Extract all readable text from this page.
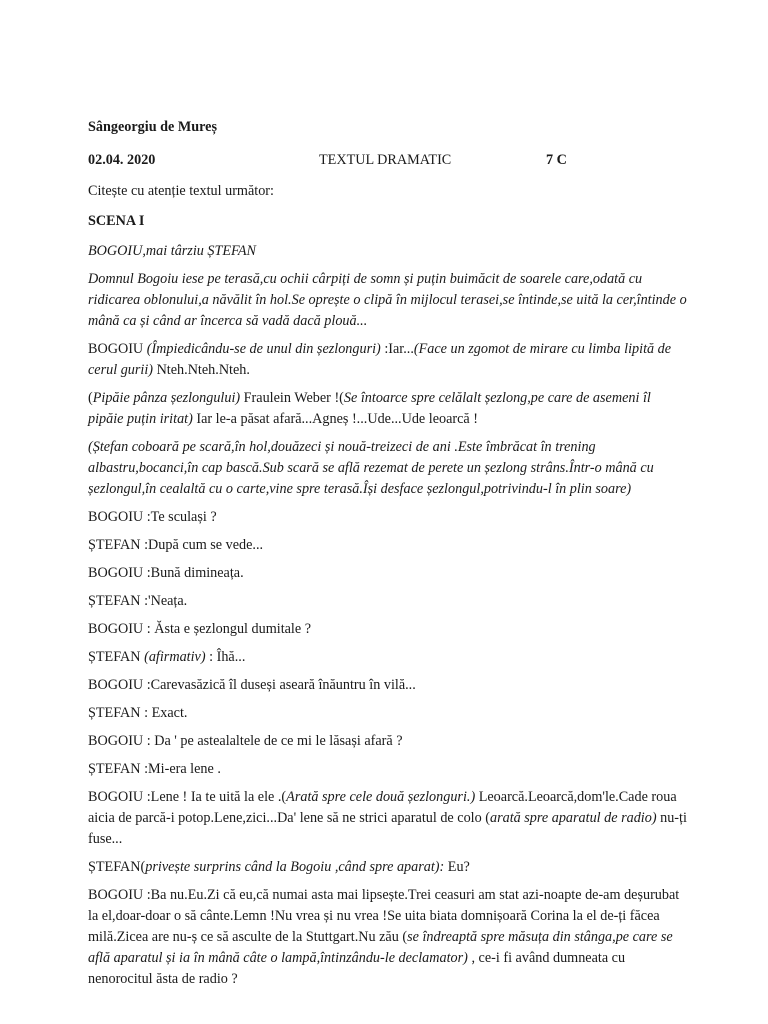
Sângeorgiu de Mureș
02.04. 2020	TEXTUL DRAMATIC	7 C
Citește cu atenție textul următor:
SCENA I
BOGOIU,mai târziu ȘTEFAN
Domnul Bogoiu iese pe terasă,cu ochii cârpiți de somn și puțin buimăcit de soarele care,odată cu ridicarea oblonului,a năvălit în hol.Se oprește o clipă în mijlocul terasei,se întinde,se uită la cer,întinde o mână ca și când ar încerca să vadă dacă plouă...
BOGOIU (Împiedicându-se de unul din șezlonguri) :Iar...(Face un zgomot de mirare cu limba lipită de cerul gurii) Nteh.Nteh.Nteh.
(Pipăie pânza șezlongului) Fraulein Weber !(Se întoarce spre celălalt șezlong,pe care de asemeni îl pipăie puțin iritat) Iar le-a păsat afară...Agneș !...Ude...Ude leoarcă !
(Ștefan coboară pe scară,în hol,douăzeci și nouă-treizeci de ani .Este îmbrăcat în trening albastru,bocanci,în cap bască.Sub scară se află rezemat de perete un șezlong strâns.Într-o mână cu șezlongul,în cealaltă cu o carte,vine spre terasă.Își desface șezlongul,potrivindu-l în plin soare)
BOGOIU :Te sculași ?
ȘTEFAN :După cum se vede...
BOGOIU :Bună dimineața.
ȘTEFAN :'Neața.
BOGOIU : Ăsta e șezlongul dumitale ?
ȘTEFAN (afirmativ) : Îhă...
BOGOIU :Carevasăzică îl duseși aseară înăuntru în vilă...
ȘTEFAN : Exact.
BOGOIU : Da ' pe astealaltele de ce mi le lăsași afară ?
ȘTEFAN :Mi-era lene .
BOGOIU :Lene ! Ia te uită la ele .(Arată spre cele două șezlonguri.) Leoarcă.Leoarcă,dom'le.Cade roua aicia de parcă-i potop.Lene,zici...Da' lene să ne strici aparatul de colo (arată spre aparatul de radio) nu-ți fuse...
ȘTEFAN(privește surprins când la Bogoiu ,când spre aparat): Eu?
BOGOIU :Ba nu.Eu.Zi că eu,că numai asta mai lipsește.Trei ceasuri am stat azi-noapte de-am deșurubat la el,doar-doar o să cânte.Lemn !Nu vrea și nu vrea !Se uita biata domnișoară Corina la el de-ți făcea milă.Zicea are nu-ș ce să asculte de la Stuttgart.Nu zău (se îndreaptă spre măsuța din stânga,pe care se află aparatul și ia în mână câte o lampă,întinzându-le declamator) , ce-i fi având dumneata cu nenorocitul ăsta de radio ?
